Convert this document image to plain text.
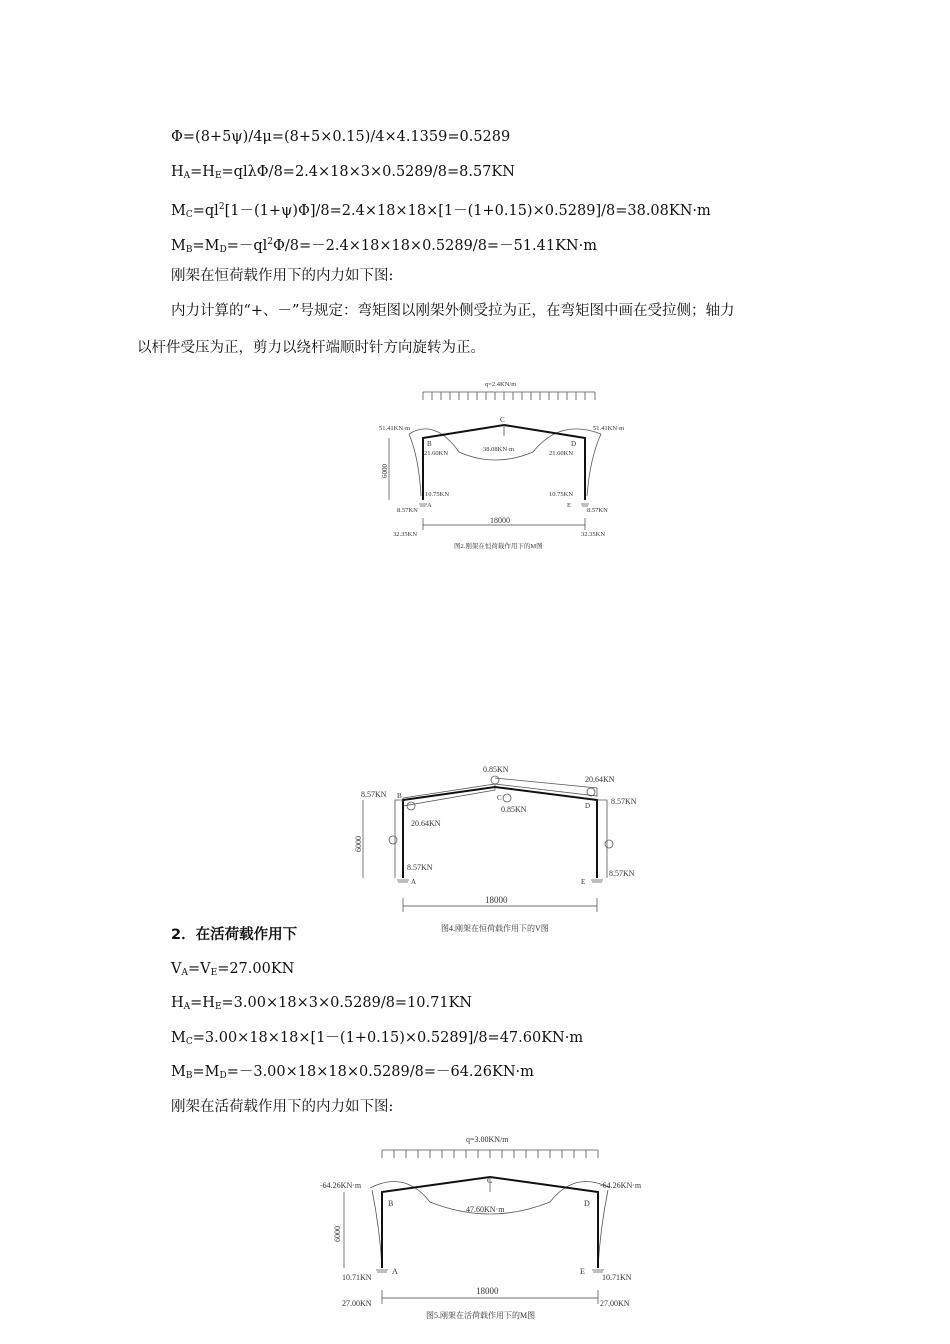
Φ=(8+5ψ)/4μ=(8+5×0.15)/4×4.1359=0.5289
$H_A=H_E=ql\lambda\Phi/8=2.4\times 18\times 3\times 0.5289/8=8.57KN$
$M_C=ql^2[1-(1+\psi)\Phi]/8=2.4\times 18\times 18\times[1-(1+0.15)\times 0.5289]/8=38.08KN\cdot m$
$M_B=M_D=-ql^2\Phi/8=-2.4\times 18\times 18\times 0.5289/8=-51.41KN\cdot m$
刚架在恒荷载作用下的内力如下图:
内力计算的“+、－”号规定：弯矩图以刚架外侧受拉为正，在弯矩图中画在受拉侧；轴力
以杆件受压为正，剪力以绕杆端顺时针方向旋转为正。
q=2.4KN/m
51.41KN·m	51.41KN·m
C
B	D
21.60KN
38.08KN·m
21.60KN
6000
10.75KN	10.75KN
A	E
8.57KN	8.57KN
18000
32.35KN	32.35KN
图2.刚架在恒荷载作用下的M图
0.85KN
20.64KN
8.57KN
8.57KN
B	C
D
20.64KN
0.85KN
6000
8.57KN
8.57KN
A	E
18000
图4.刚架在恒荷载作用下的V图
2．在活荷载作用下
$V_A=V_E=27.00KN$
$H_A=H_E=3.00\times 18\times 3\times 0.5289/8=10.71KN$
$M_C=3.00\times 18\times 18\times[1-(1+0.15)\times 0.5289]/8=47.60KN\cdot m$
$M_B=M_D=-3.00\times 18\times 18\times 0.5289/8=-64.26KN\cdot m$
刚架在活荷载作用下的内力如下图:
q=3.00KN/m
-64.26KN·m	-64.26KN·m
C
B	D
47.60KN·m
6000
A	E
10.71KN	10.71KN
18000
27.00KN	27.00KN
图5.刚架在活荷载作用下的M图
